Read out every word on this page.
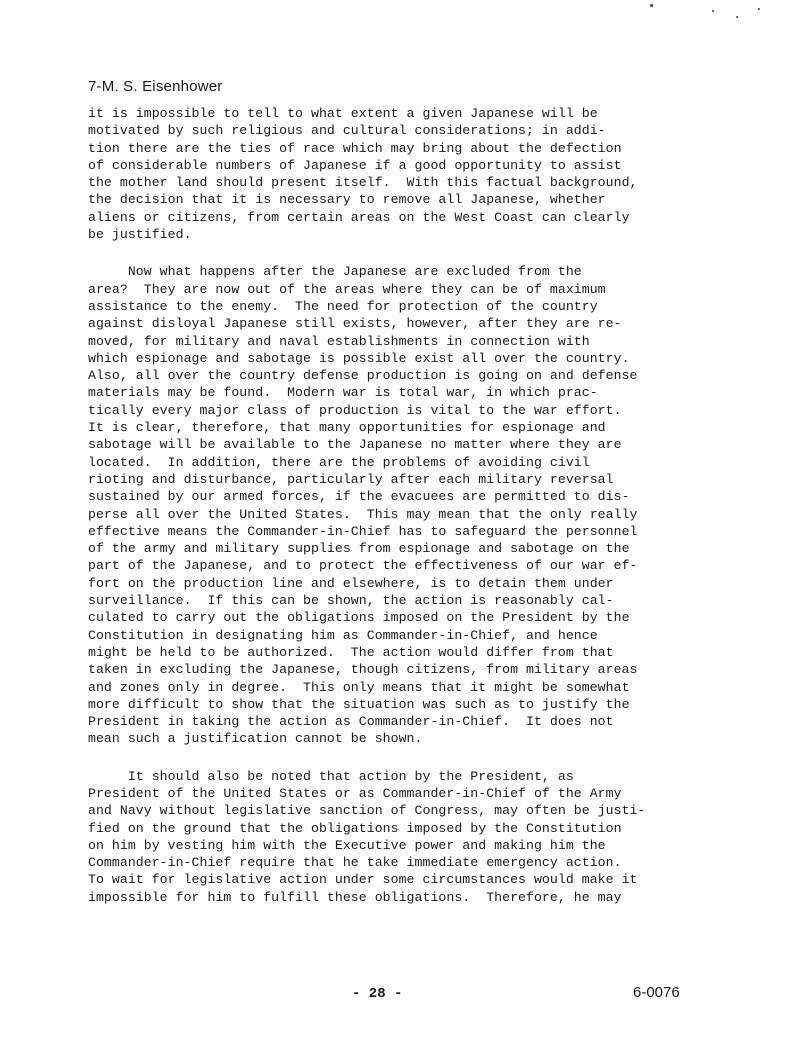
7-M. S. Eisenhower
it is impossible to tell to what extent a given Japanese will be
motivated by such religious and cultural considerations; in addi-
tion there are the ties of race which may bring about the defection
of considerable numbers of Japanese if a good opportunity to assist
the mother land should present itself.  With this factual background,
the decision that it is necessary to remove all Japanese, whether
aliens or citizens, from certain areas on the West Coast can clearly
be justified.
Now what happens after the Japanese are excluded from the
area?  They are now out of the areas where they can be of maximum
assistance to the enemy.  The need for protection of the country
against disloyal Japanese still exists, however, after they are re-
moved, for military and naval establishments in connection with
which espionage and sabotage is possible exist all over the country.
Also, all over the country defense production is going on and defense
materials may be found.  Modern war is total war, in which prac-
tically every major class of production is vital to the war effort.
It is clear, therefore, that many opportunities for espionage and
sabotage will be available to the Japanese no matter where they are
located.  In addition, there are the problems of avoiding civil
rioting and disturbance, particularly after each military reversal
sustained by our armed forces, if the evacuees are permitted to dis-
perse all over the United States.  This may mean that the only really
effective means the Commander-in-Chief has to safeguard the personnel
of the army and military supplies from espionage and sabotage on the
part of the Japanese, and to protect the effectiveness of our war ef-
fort on the production line and elsewhere, is to detain them under
surveillance.  If this can be shown, the action is reasonably cal-
culated to carry out the obligations imposed on the President by the
Constitution in designating him as Commander-in-Chief, and hence
might be held to be authorized.  The action would differ from that
taken in excluding the Japanese, though citizens, from military areas
and zones only in degree.  This only means that it might be somewhat
more difficult to show that the situation was such as to justify the
President in taking the action as Commander-in-Chief.  It does not
mean such a justification cannot be shown.
It should also be noted that action by the President, as
President of the United States or as Commander-in-Chief of the Army
and Navy without legislative sanction of Congress, may often be justi-
fied on the ground that the obligations imposed by the Constitution
on him by vesting him with the Executive power and making him the
Commander-in-Chief require that he take immediate emergency action.
To wait for legislative action under some circumstances would make it
impossible for him to fulfill these obligations.  Therefore, he may
- 28 -	6-0076
